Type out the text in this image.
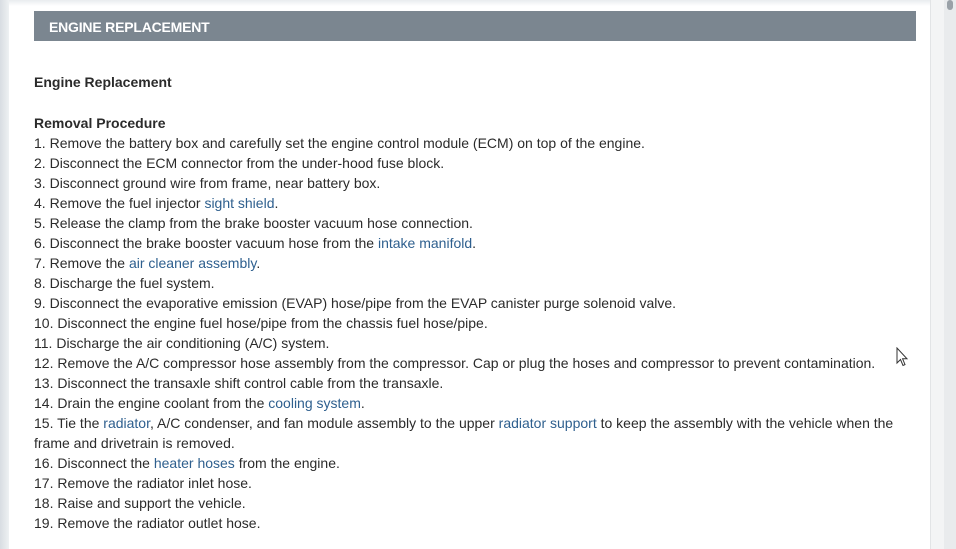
ENGINE REPLACEMENT

Engine Replacement

Removal Procedure

1. Remove the battery box and carefully set the engine control module (ECM) on top of the engine.
2. Disconnect the ECM connector from the under-hood fuse block.
3. Disconnect ground wire from frame, near battery box.
4. Remove the fuel injector sight shield.
5. Release the clamp from the brake booster vacuum hose connection.
6. Disconnect the brake booster vacuum hose from the intake manifold.
7. Remove the air cleaner assembly.
8. Discharge the fuel system.
9. Disconnect the evaporative emission (EVAP) hose/pipe from the EVAP canister purge solenoid valve.
10. Disconnect the engine fuel hose/pipe from the chassis fuel hose/pipe.
11. Discharge the air conditioning (A/C) system.
12. Remove the A/C compressor hose assembly from the compressor. Cap or plug the hoses and compressor to prevent contamination.
13. Disconnect the transaxle shift control cable from the transaxle.
14. Drain the engine coolant from the cooling system.
15. Tie the radiator, A/C condenser, and fan module assembly to the upper radiator support to keep the assembly with the vehicle when the frame and drivetrain is removed.
16. Disconnect the heater hoses from the engine.
17. Remove the radiator inlet hose.
18. Raise and support the vehicle.
19. Remove the radiator outlet hose.
